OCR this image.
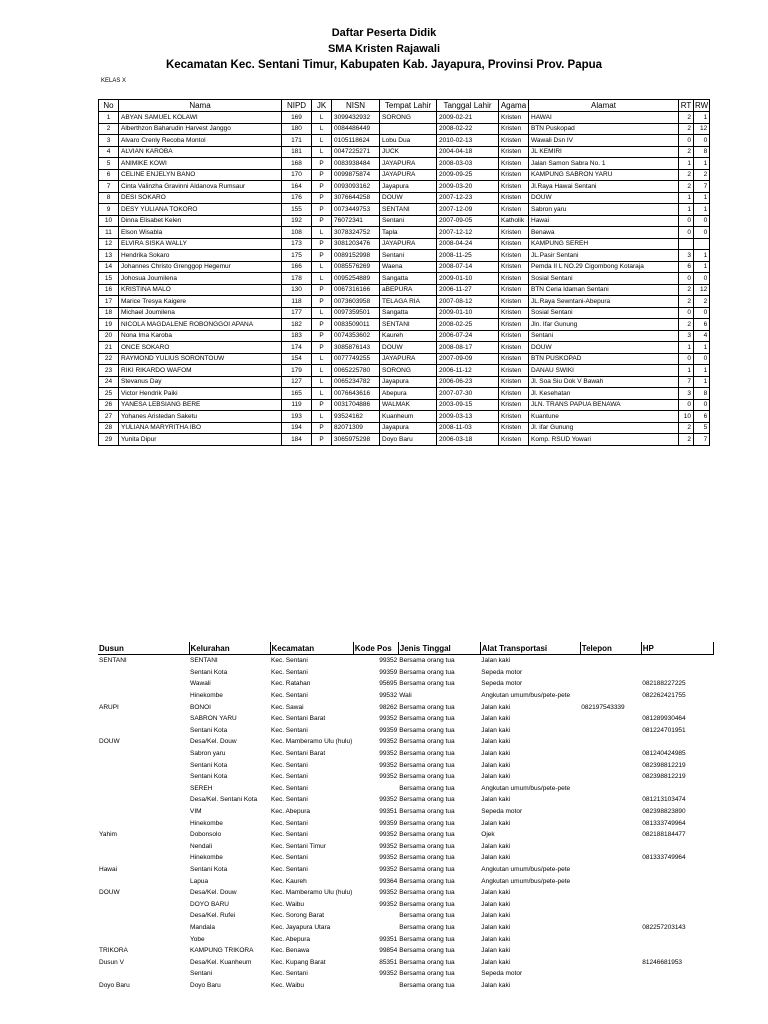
Daftar Peserta Didik
SMA Kristen Rajawali
Kecamatan Kec. Sentani Timur, Kabupaten Kab. Jayapura, Provinsi Prov. Papua
KELAS X
No	Nama	NIPD	JK	NISN	Tempat Lahir	Tanggal Lahir	Agama	Alamat	RT	RW
1	ABYAN SAMUEL KOLAWI	169	L	3099432932	SORONG	2009-02-21	Kristen	HAWAI	2	1
2	Alberthzon Baharudin Harvest Janggo	180	L	0084486449		2008-02-22	Kristen	BTN Puskopad	2	12
3	Alvaro Crenly Recoba Montol	171	L	0105118624	Lobu Dua	2010-02-13	Kristen	Wawali Dsn IV	0	0
4	ALVIAN KAROBA	181	L	0047225271	JUCK	2004-04-18	Kristen	JL KEMIRI	2	8
5	ANIMIKE KOWI	168	P	0083938484	JAYAPURA	2008-03-03	Kristen	Jalan Samon Sabra No. 1	1	1
6	CELINE ENJELYN BANO	170	P	0099875874	JAYAPURA	2009-09-25	Kristen	KAMPUNG SABRON YARU	2	2
7	Cinta Valinzha Gravinni Aldanova Rumsaur	164	P	0093093162	Jayapura	2009-03-20	Kristen	Jl.Raya Hawai Sentani	2	7
8	DESI SOKARO	176	P	3076644258	DOUW	2007-12-23	Kristen	DOUW	1	1
9	DESY YULIANA TOKORO	155	P	0073449753	SENTANI	2007-12-09	Kristen	Sabron yaru	1	1
10	Dinna Elisabet Kelen	192	P	76072341	Sentani	2007-09-05	Katholik	Hawai	0	0
11	Elson Wisabla	108	L	3078324752	Tapla	2007-12-12	Kristen	Benawa	0	0
12	ELVIRA SISKA WALLY	173	P	3081203476	JAYAPURA	2008-04-24	Kristen	KAMPUNG SEREH		
13	Hendrika Sokaro	175	P	0089152998	Sentani	2008-11-25	Kristen	JL.Pasir Sentani	3	1
14	Johannes Christo Grenggop Hegemur	166	L	0085576269	Waena	2008-07-14	Kristen	Pemda II L NO.29 Cigombong Kotaraja	6	1
15	Johosua Joumilena	178	L	0095254889	Sangatta	2009-01-10	Kristen	Sosial Sentani	0	0
16	KRISTINA MALO	130	P	0067316166	aBEPURA	2006-11-27	Kristen	BTN Ceria Idaman Sentani	2	12
17	Marice Tresya Kaigere	118	P	0073603958	TELAGA RIA	2007-08-12	Kristen	JL.Raya Sewntani-Abepura	2	2
18	Michael Joumilena	177	L	0097359501	Sangatta	2009-01-10	Kristen	Sosial Sentani	0	0
19	NICOLA MAGDALENE ROBONGGOI APANA	182	P	0083509011	SENTANI	2008-02-25	Kristen	Jln. Ifar Gunung	2	6
20	Nona Ima Karoba	183	P	0074353602	Kaureh	2006-07-24	Kristen	Sentani	3	4
21	ONCE SOKARO	174	P	3085876143	DOUW	2008-08-17	Kristen	DOUW	1	1
22	RAYMOND YULIUS SORONTOUW	154	L	0077749255	JAYAPURA	2007-09-09	Kristen	BTN PUSKOPAD	0	0
23	RIKI RIKARDO WAFOM	179	L	0065225780	SORONG	2006-11-12	Kristen	DANAU SWIKI	1	1
24	Stevanus Day	127	L	0065234782	Jayapura	2006-06-23	Kristen	Jl. Soa Siu Dok V Bawah	7	1
25	Victor Hendrik Paiki	165	L	0076643616	Abepura	2007-07-30	Kristen	Jl. Kesehatan	3	8
26	YANESA LEBSIANG BERE	119	P	0031704886	WALMAK	2003-09-15	Kristen	JLN. TRANS PAPUA BENAWA	0	0
27	Yohanes Aristedan Saketu	193	L	93524162	Kuanheum	2009-03-13	Kristen	Kuantune	10	6
28	YULIANA MARYRITHA IBO	194	P	82071309	Jayapura	2008-11-03	Kristen	Jl. ifar Gunung	2	5
29	Yunita Dipur	184	P	3065975298	Doyo Baru	2006-03-18	Kristen	Komp. RSUD Yowari	2	7
Dusun	Kelurahan	Kecamatan	Kode Pos	Jenis Tinggal	Alat Transportasi	Telepon	HP
SENTANI	SENTANI	Kec. Sentani	99352	Bersama orang tua	Jalan kaki		
	Sentani Kota	Kec. Sentani	99359	Bersama orang tua	Sepeda motor		
	Wawali	Kec. Ratahan	95695	Bersama orang tua	Sepeda motor		082188227225
	Hinekombe	Kec. Sentani	99532	Wali	Angkutan umum/bus/pete-pete		082262421755
ARUPI	BONOI	Kec. Sawai	98262	Bersama orang tua	Jalan kaki	082197543339	
	SABRON YARU	Kec. Sentani Barat	99352	Bersama orang tua	Jalan kaki		081289930464
	Sentani Kota	Kec. Sentani	99359	Bersama orang tua	Jalan kaki		081224701951
DOUW	Desa/Kel. Douw	Kec. Mamberamo Ulu (hulu)	99352	Bersama orang tua	Jalan kaki		
	Sabron yaru	Kec. Sentani Barat	99352	Bersama orang tua	Jalan kaki		081240424985
	Sentani Kota	Kec. Sentani	99352	Bersama orang tua	Jalan kaki		082398812219
	Sentani Kota	Kec. Sentani	99352	Bersama orang tua	Jalan kaki		082398812219
	SEREH	Kec. Sentani		Bersama orang tua	Angkutan umum/bus/pete-pete		
	Desa/Kel. Sentani Kota	Kec. Sentani	99352	Bersama orang tua	Jalan kaki		081213103474
	VIM	Kec. Abepura	99351	Bersama orang tua	Sepeda motor		082398823890
	Hinekombe	Kec. Sentani	99359	Bersama orang tua	Jalan kaki		081333749964
Yahim	Dobonsolo	Kec. Sentani	99352	Bersama orang tua	Ojek		082188184477
	Nendali	Kec. Sentani Timur	99352	Bersama orang tua	Jalan kaki		
	Hinekombe	Kec. Sentani	99352	Bersama orang tua	Jalan kaki		081333749964
Hawai	Sentani Kota	Kec. Sentani	99352	Bersama orang tua	Angkutan umum/bus/pete-pete		
	Lapua	Kec. Kaureh	99364	Bersama orang tua	Angkutan umum/bus/pete-pete		
DOUW	Desa/Kel. Douw	Kec. Mamberamo Ulu (hulu)	99352	Bersama orang tua	Jalan kaki		
	DOYO BARU	Kec. Waibu	99352	Bersama orang tua	Jalan kaki		
	Desa/Kel. Rufei	Kec. Sorong Barat		Bersama orang tua	Jalan kaki		
	Mandala	Kec. Jayapura Utara		Bersama orang tua	Jalan kaki		082257203143
	Yobe	Kec. Abepura	99351	Bersama orang tua	Jalan kaki		
TRIKORA	KAMPUNG TRIKORA	Kec. Benawa	99854	Bersama orang tua	Jalan kaki		
Dusun V	Desa/Kel. Kuanheum	Kec. Kupang Barat	85351	Bersama orang tua	Jalan kaki		81246681953
	Sentani	Kec. Sentani	99352	Bersama orang tua	Sepeda motor		
Doyo Baru	Doyo Baru	Kec. Waibu		Bersama orang tua	Jalan kaki		
